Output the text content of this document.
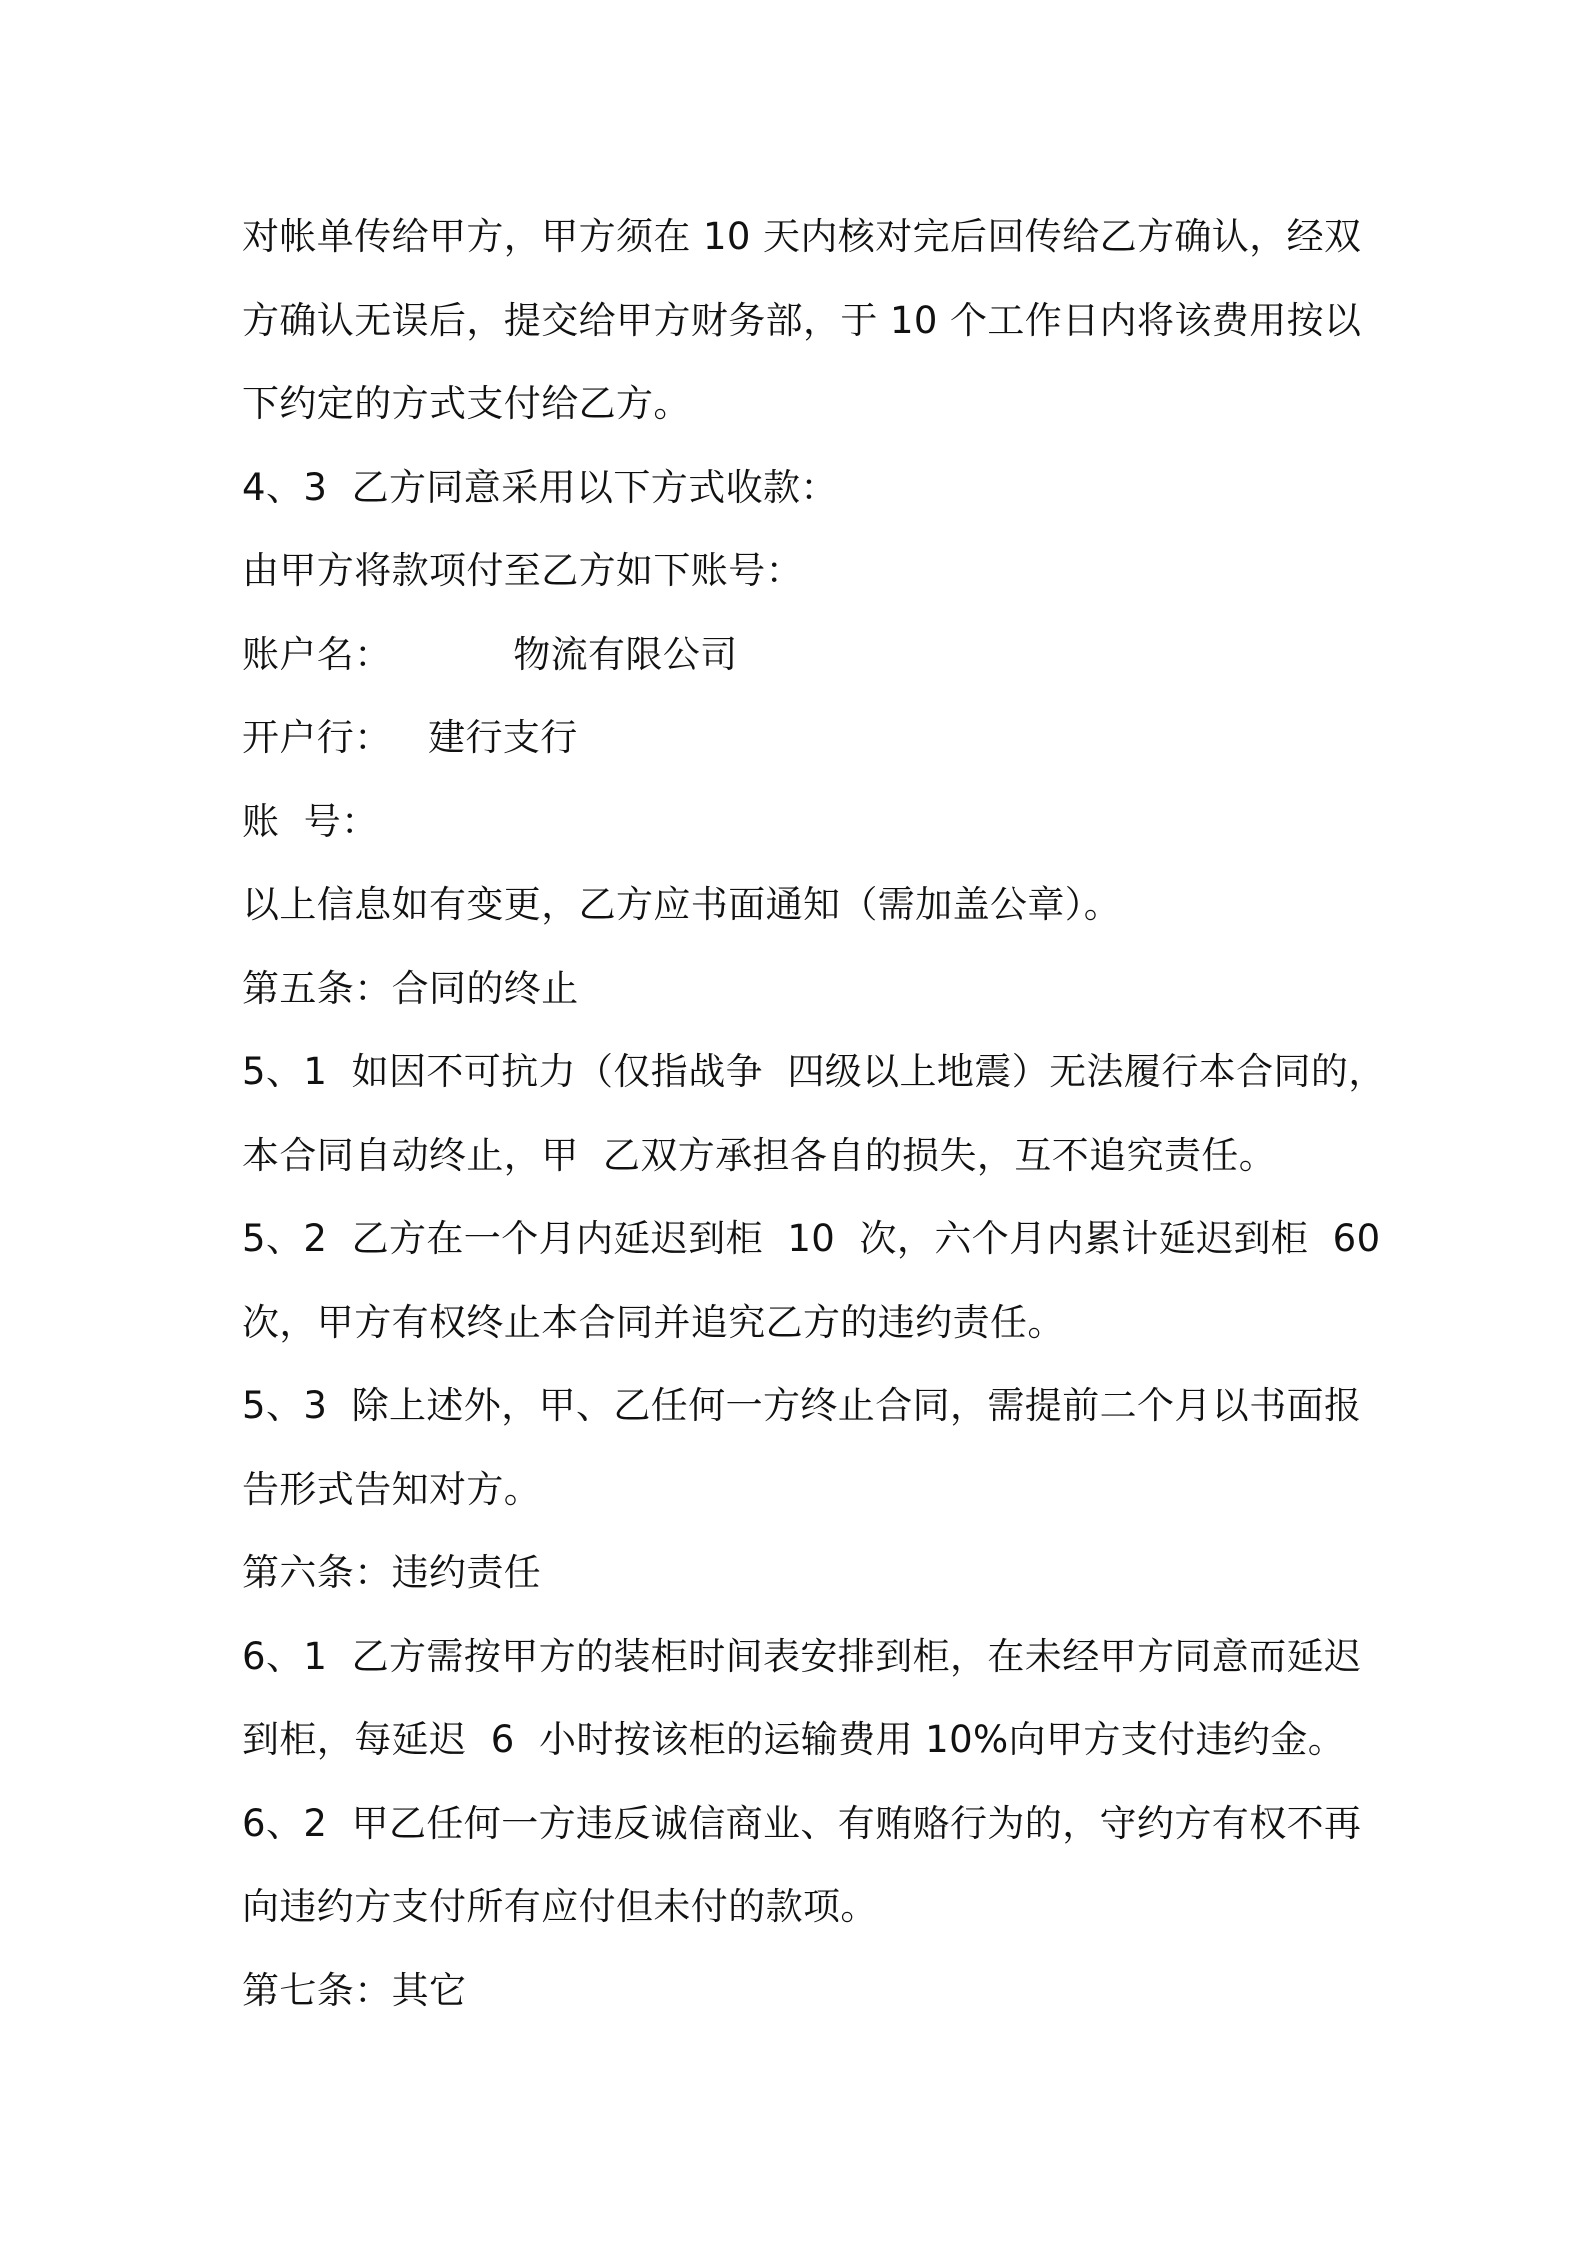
对帐单传给甲方，甲方须在 10 天内核对完后回传给乙方确认，经双
方确认无误后，提交给甲方财务部，于 10 个工作日内将该费用按以
下约定的方式支付给乙方。
4、3  乙方同意采用以下方式收款：
由甲方将款项付至乙方如下账号：
账户名：          物流有限公司
开户行：   建行支行
账  号：
以上信息如有变更，乙方应书面通知（需加盖公章）。
第五条：合同的终止
5、1  如因不可抗力（仅指战争  四级以上地震）无法履行本合同的，
本合同自动终止，甲  乙双方承担各自的损失，互不追究责任。
5、2  乙方在一个月内延迟到柜  10  次，六个月内累计延迟到柜  60
次，甲方有权终止本合同并追究乙方的违约责任。
5、3  除上述外，甲、乙任何一方终止合同，需提前二个月以书面报
告形式告知对方。
第六条：违约责任
6、1  乙方需按甲方的装柜时间表安排到柜，在未经甲方同意而延迟
到柜，每延迟  6  小时按该柜的运输费用 10%向甲方支付违约金。
6、2  甲乙任何一方违反诚信商业、有贿赂行为的，守约方有权不再
向违约方支付所有应付但未付的款项。
第七条：其它
